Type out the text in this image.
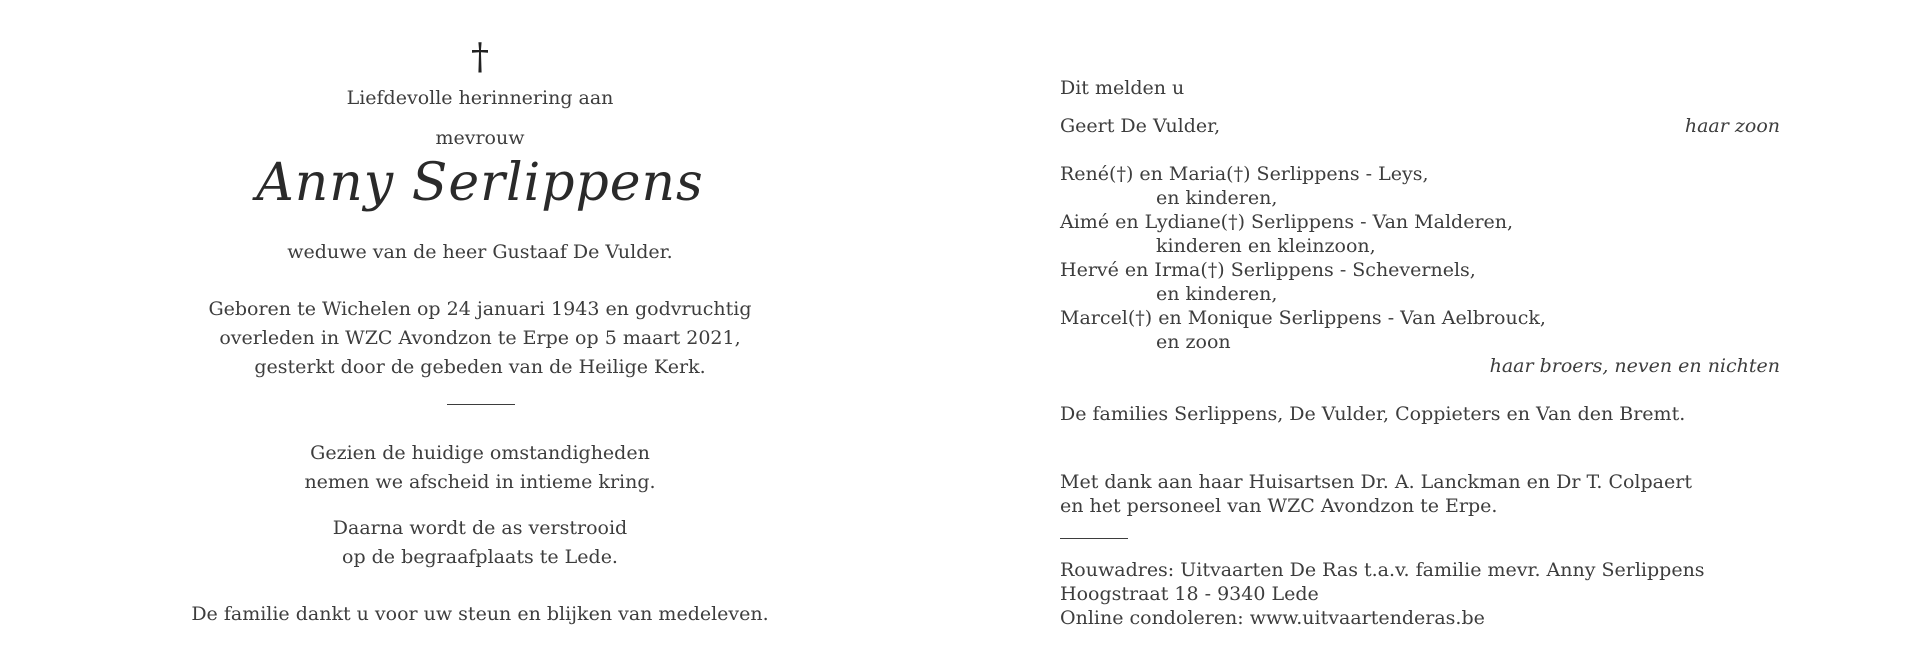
†
Liefdevolle herinnering aan
mevrouw
Anny Serlippens
weduwe van de heer Gustaaf De Vulder.
Geboren te Wichelen op 24 januari 1943 en godvruchtig
overleden in WZC Avondzon te Erpe op 5 maart 2021,
gesterkt door de gebeden van de Heilige Kerk.
Gezien de huidige omstandigheden
nemen we afscheid in intieme kring.
Daarna wordt de as verstrooid
op de begraafplaats te Lede.
De familie dankt u voor uw steun en blijken van medeleven.
Dit melden u
Geert De Vulder,	haar zoon
René(†) en Maria(†) Serlippens - Leys,
en kinderen,
Aimé en Lydiane(†) Serlippens - Van Malderen,
kinderen en kleinzoon,
Hervé en Irma(†) Serlippens - Schevernels,
en kinderen,
Marcel(†) en Monique Serlippens - Van Aelbrouck,
en zoon
haar broers, neven en nichten
De families Serlippens, De Vulder, Coppieters en Van den Bremt.
Met dank aan haar Huisartsen Dr. A. Lanckman en Dr T. Colpaert
en het personeel van WZC Avondzon te Erpe.
Rouwadres: Uitvaarten De Ras t.a.v. familie mevr. Anny Serlippens
Hoogstraat 18 - 9340 Lede
Online condoleren: www.uitvaartenderas.be
